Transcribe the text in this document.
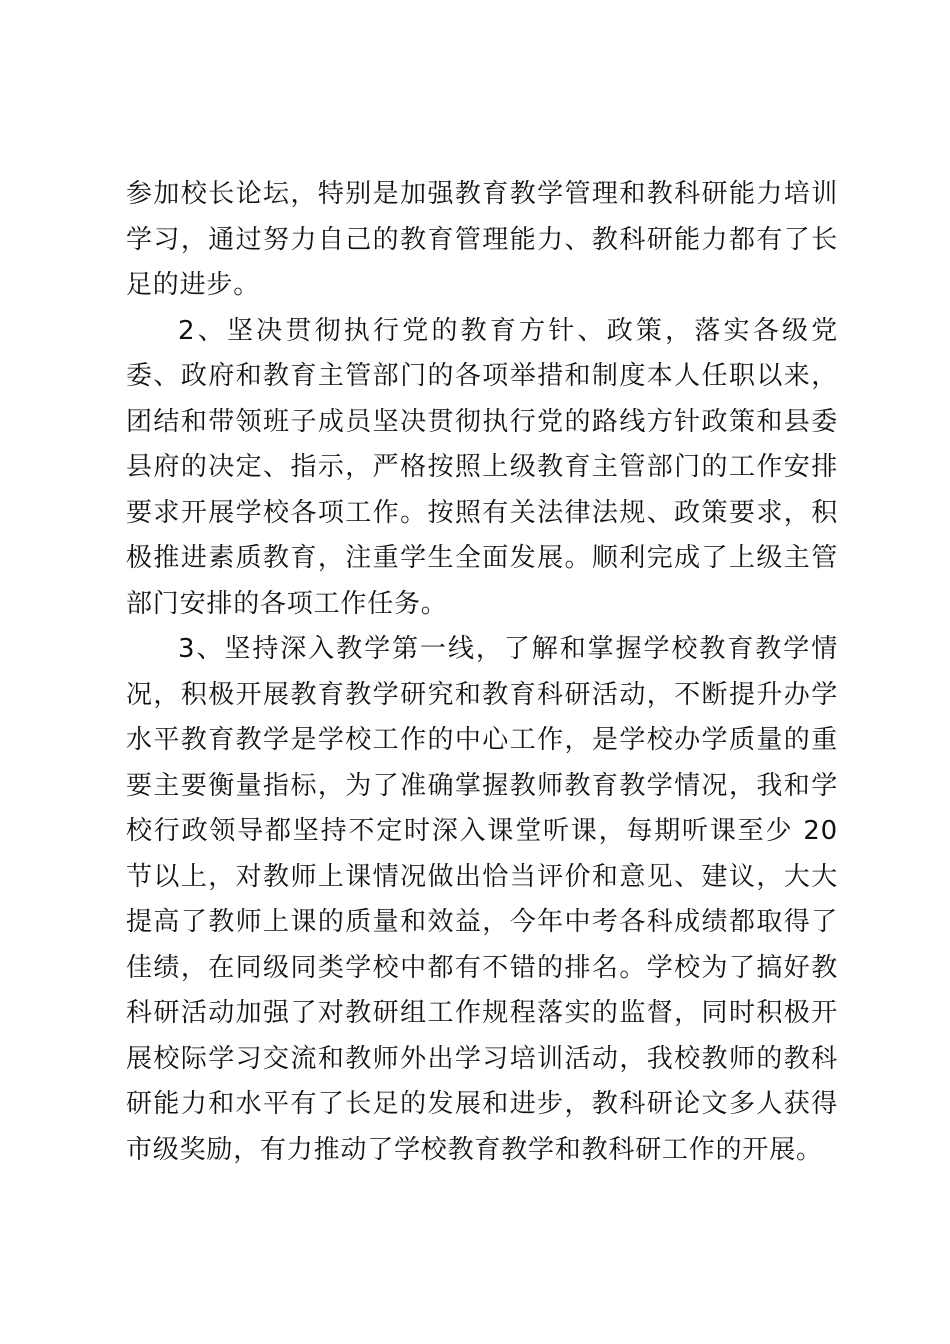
参加校长论坛，特别是加强教育教学管理和教科研能力培训学习，通过努力自己的教育管理能力、教科研能力都有了长足的进步。

2、坚决贯彻执行党的教育方针、政策，落实各级党委、政府和教育主管部门的各项举措和制度本人任职以来，团结和带领班子成员坚决贯彻执行党的路线方针政策和县委县府的决定、指示，严格按照上级教育主管部门的工作安排要求开展学校各项工作。按照有关法律法规、政策要求，积极推进素质教育，注重学生全面发展。顺利完成了上级主管部门安排的各项工作任务。

3、坚持深入教学第一线，了解和掌握学校教育教学情况，积极开展教育教学研究和教育科研活动，不断提升办学水平教育教学是学校工作的中心工作，是学校办学质量的重要主要衡量指标，为了准确掌握教师教育教学情况，我和学校行政领导都坚持不定时深入课堂听课，每期听课至少 20 节以上，对教师上课情况做出恰当评价和意见、建议，大大提高了教师上课的质量和效益，今年中考各科成绩都取得了佳绩，在同级同类学校中都有不错的排名。学校为了搞好教科研活动加强了对教研组工作规程落实的监督，同时积极开展校际学习交流和教师外出学习培训活动，我校教师的教科研能力和水平有了长足的发展和进步，教科研论文多人获得市级奖励，有力推动了学校教育教学和教科研工作的开展。
